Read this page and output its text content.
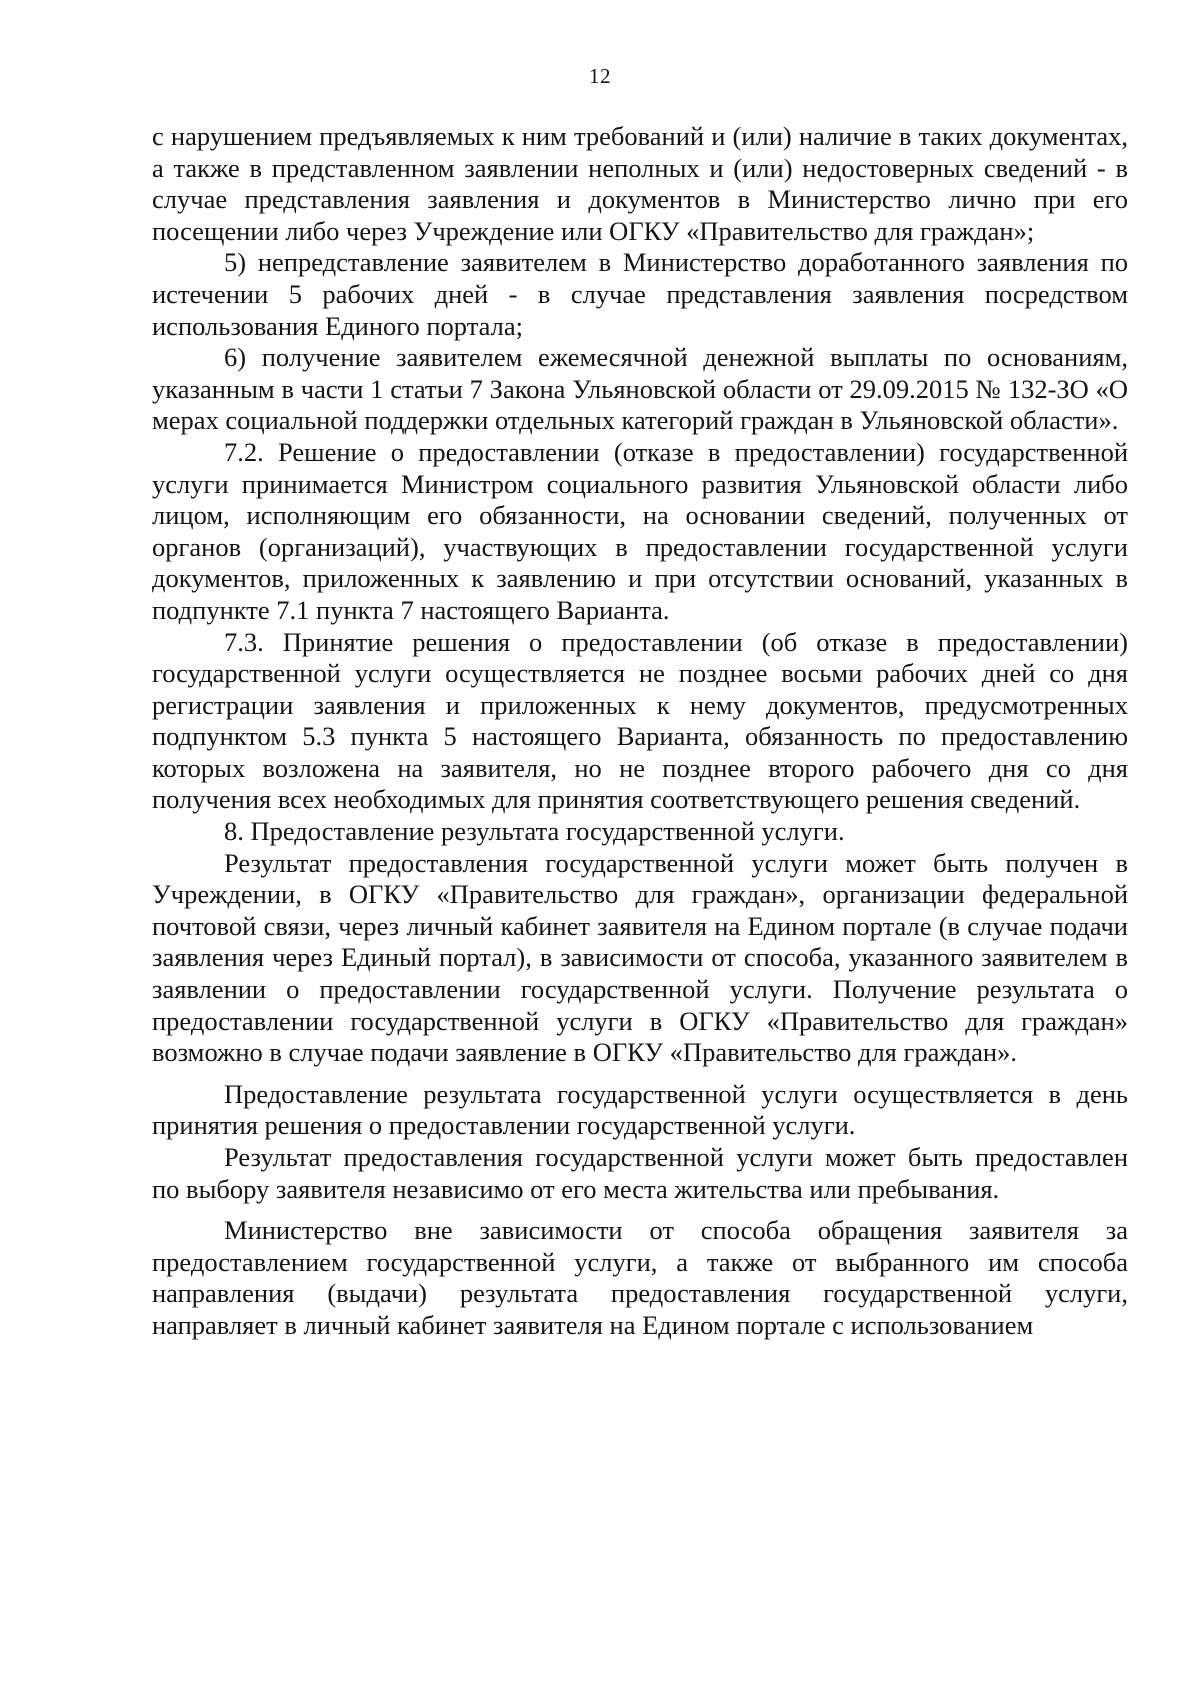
12

с нарушением предъявляемых к ним требований и (или) наличие в таких документах, а также в представленном заявлении неполных и (или) недостоверных сведений - в случае представления заявления и документов в Министерство лично при его посещении либо через Учреждение или ОГКУ «Правительство для граждан»;

5) непредставление заявителем в Министерство доработанного заявления по истечении 5 рабочих дней - в случае представления заявления посредством использования Единого портала;

6) получение заявителем ежемесячной денежной выплаты по основаниям, указанным в части 1 статьи 7 Закона Ульяновской области от 29.09.2015 № 132-ЗО «О мерах социальной поддержки отдельных категорий граждан в Ульяновской области».

7.2. Решение о предоставлении (отказе в предоставлении) государственной услуги принимается Министром социального развития Ульяновской области либо лицом, исполняющим его обязанности, на основании сведений, полученных от органов (организаций), участвующих в предоставлении государственной услуги документов, приложенных к заявлению и при отсутствии оснований, указанных в подпункте 7.1 пункта 7 настоящего Варианта.

7.3. Принятие решения о предоставлении (об отказе в предоставлении) государственной услуги осуществляется не позднее восьми рабочих дней со дня регистрации заявления и приложенных к нему документов, предусмотренных подпунктом 5.3 пункта 5 настоящего Варианта, обязанность по предоставлению которых возложена на заявителя, но не позднее второго рабочего дня со дня получения всех необходимых для принятия соответствующего решения сведений.

8. Предоставление результата государственной услуги.

Результат предоставления государственной услуги может быть получен в Учреждении, в ОГКУ «Правительство для граждан», организации федеральной почтовой связи, через личный кабинет заявителя на Едином портале (в случае подачи заявления через Единый портал), в зависимости от способа, указанного заявителем в заявлении о предоставлении государственной услуги. Получение результата о предоставлении государственной услуги в ОГКУ «Правительство для граждан» возможно в случае подачи заявление в ОГКУ «Правительство для граждан».

Предоставление результата государственной услуги осуществляется в день принятия решения о предоставлении государственной услуги.

Результат предоставления государственной услуги может быть предоставлен по выбору заявителя независимо от его места жительства или пребывания.

Министерство вне зависимости от способа обращения заявителя за предоставлением государственной услуги, а также от выбранного им способа направления (выдачи) результата предоставления государственной услуги, направляет в личный кабинет заявителя на Едином портале с использованием
